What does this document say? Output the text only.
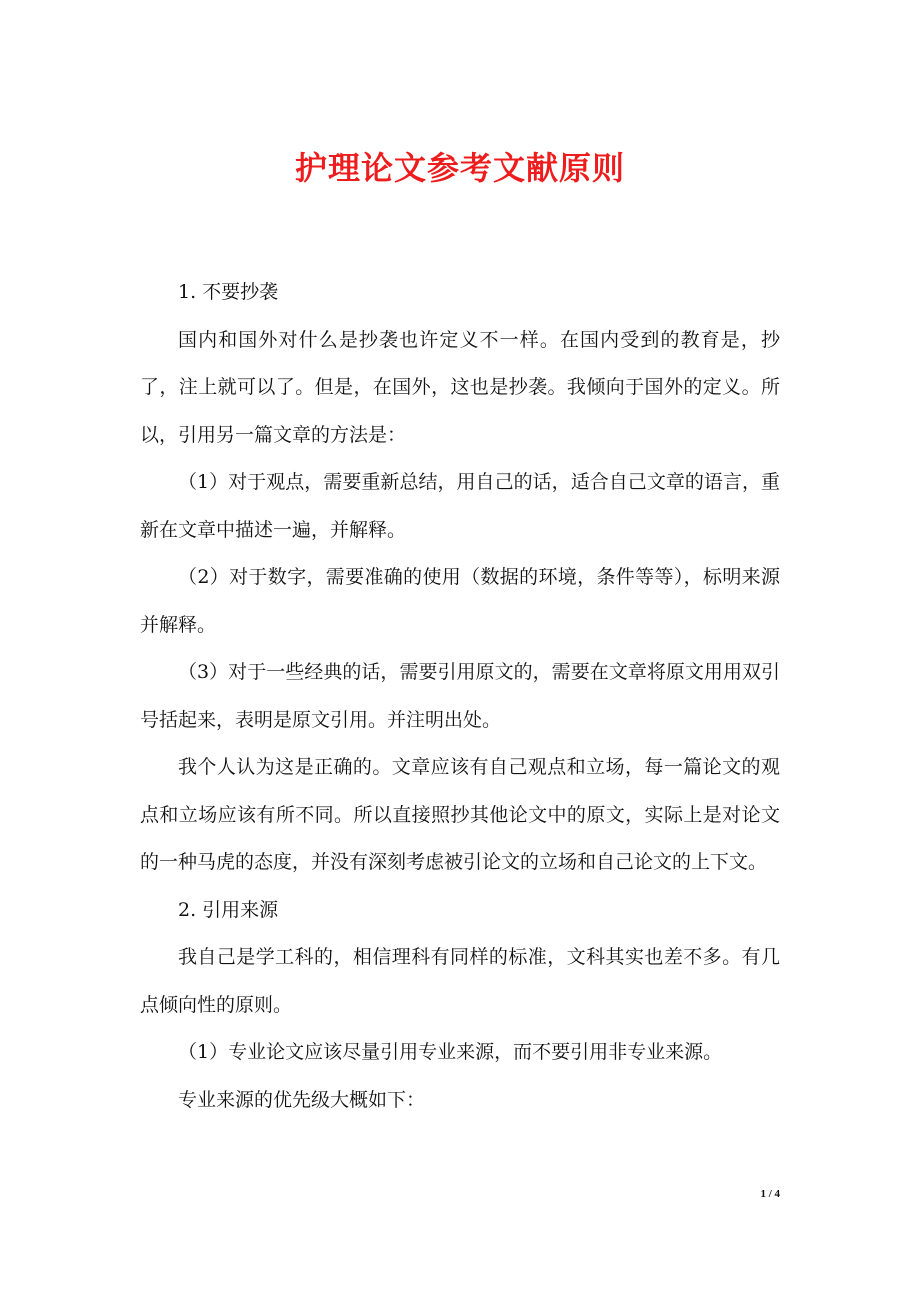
护理论文参考文献原则

1. 不要抄袭

国内和国外对什么是抄袭也许定义不一样。在国内受到的教育是，抄了，注上就可以了。但是，在国外，这也是抄袭。我倾向于国外的定义。所以，引用另一篇文章的方法是：

（1）对于观点，需要重新总结，用自己的话，适合自己文章的语言，重新在文章中描述一遍，并解释。

（2）对于数字，需要准确的使用（数据的环境，条件等等），标明来源并解释。

（3）对于一些经典的话，需要引用原文的，需要在文章将原文用用双引号括起来，表明是原文引用。并注明出处。

我个人认为这是正确的。文章应该有自己观点和立场，每一篇论文的观点和立场应该有所不同。所以直接照抄其他论文中的原文，实际上是对论文的一种马虎的态度，并没有深刻考虑被引论文的立场和自己论文的上下文。

2. 引用来源

我自己是学工科的，相信理科有同样的标准，文科其实也差不多。有几点倾向性的原则。

（1）专业论文应该尽量引用专业来源，而不要引用非专业来源。

专业来源的优先级大概如下：

1 / 4
